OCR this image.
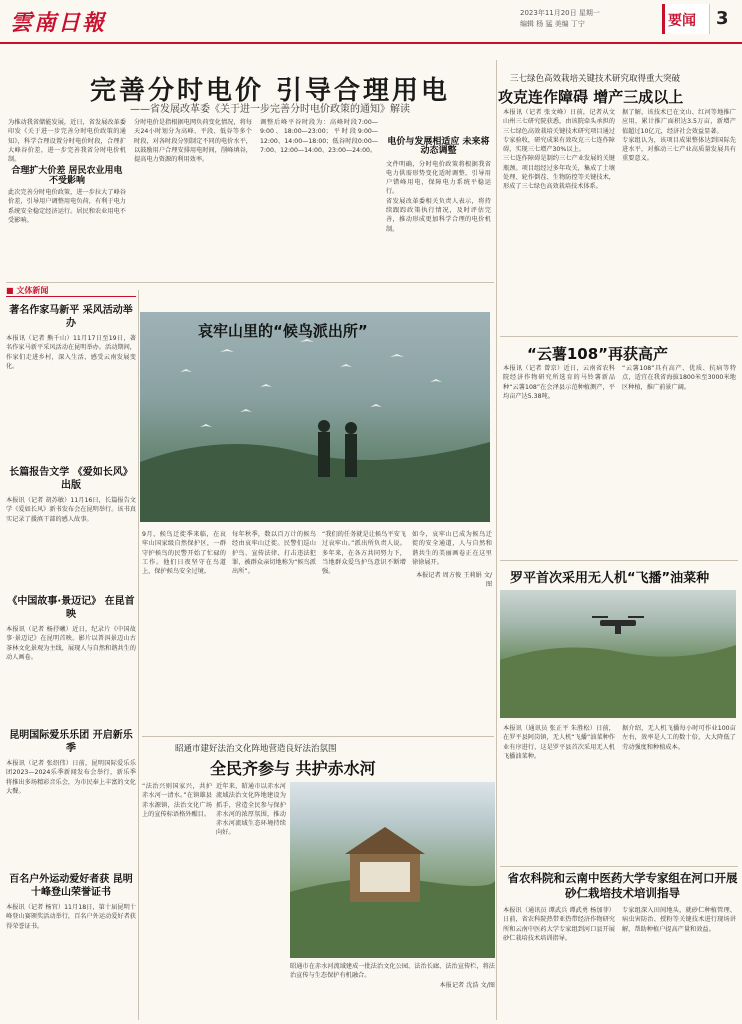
雲南日報	2023年11月20日 星期一
编辑 杨 猛 美编 丁宁	要闻 3
完善分时电价 引导合理用电
——省发展改革委《关于进一步完善分时电价政策的通知》解读

为推动我省储能发展，近日，省发展改革委印发《关于进一步完善分时电价政策的通知》，科学合理设置分时电价时段，合理扩大峰谷价差，进一步完善我省分时电价机制。

合理扩大价差 居民农业用电不受影响

此次完善分时电价政策，进一步拉大了峰谷价差，引导用户调整用电负荷，有利于电力系统安全稳定经济运行。居民和农业用电不受影响。

分时电价是指根据电网负荷变化情况，将每天24小时划分为高峰、平段、低谷等多个时段，对各时段分别制定不同的电价水平，以鼓励用户合理安排用电时间，削峰填谷，提高电力资源的利用效率。

调整后峰平谷时段为：高峰时段7:00—9:00、18:00—23:00；平时段9:00—12:00、14:00—18:00；低谷时段0:00—7:00、12:00—14:00、23:00—24:00。

电价与发展相适应 未来将动态调整

文件明确，分时电价政策将根据我省电力供需形势变化适时调整，引导用户错峰用电，保障电力系统平稳运行。

省发展改革委相关负责人表示，将持续跟踪政策执行情况，及时评估完善，推动形成更加科学合理的电价机制。

三七绿色高效栽培关键技术研究取得重大突破
攻克连作障碍 增产三成以上

本报讯（记者 张文峰）日前，记者从文山州三七研究院获悉，由该院牵头承担的三七绿色高效栽培关键技术研究项目通过专家验收，研究成果有效攻克三七连作障碍，实现三七增产30%以上。

三七连作障碍是制约三七产业发展的关键瓶颈。项目组经过多年攻关，集成了土壤处理、轮作倒茬、生物防控等关键技术，形成了三七绿色高效栽培技术体系。

据了解，该技术已在文山、红河等地推广应用，累计推广面积达3.5万亩，新增产值超过10亿元，经济社会效益显著。

专家组认为，该项目成果整体达到国际先进水平，对推动三七产业高质量发展具有重要意义。

■ 文体新闻
著名作家马新平 采风活动举办

本报讯（记者 熊千山）11月17日至19日，著名作家马新平采风活动在昆明举办。活动期间，作家们走进乡村，深入生活，感受云南发展变化。

长篇报告文学 《爱如长风》出版

本报讯（记者 胡苏敏）11月16日，长篇报告文学《爱如长风》新书发布会在昆明举行。该书真实记录了援滇干部的感人故事。

《中国故事·景迈记》 在昆首映

本报讯（记者 杨抒曦）近日，纪录片《中国故事·景迈记》在昆明首映。影片以普洱景迈山古茶林文化景观为主线，展现人与自然和谐共生的动人画卷。

昆明国际爱乐乐团 开启新乐季

本报讯（记者 张绍伟）日前，昆明国际爱乐乐团2023—2024乐季新闻发布会举行，新乐季将推出多场精彩音乐会，为市民奉上丰富的文化大餐。

百名户外运动爱好者获 昆明十峰登山荣誉证书

本报讯（记者 杨官）11月18日，第十届昆明十峰登山赛颁奖活动举行，百名户外运动爱好者获得荣誉证书。

哀牢山里的“候鸟派出所”

9月，候鸟迁徙季来临，在哀牢山国家级自然保护区，一群守护候鸟的民警开始了忙碌的工作。他们日夜坚守在鸟道上，保护候鸟安全过境。

每年秋季，数以百万计的候鸟经由哀牢山迁徙。民警们巡山护鸟、宣传法律、打击违法犯罪，被群众亲切地称为“候鸟派出所”。

“我们的任务就是让候鸟平安飞过哀牢山。”派出所负责人说。多年来，在各方共同努力下，当地群众爱鸟护鸟意识不断增强。

如今，哀牢山已成为候鸟迁徙的安全通道，人与自然和谐共生的美丽画卷正在这里徐徐展开。

本报记者 周方俊 王莉娟 文/图

“云薯108”再获高产

本报讯（记者 曾京）近日，云南省农科院经济作物研究所选育的马铃薯新品种“云薯108”在会泽县示范种植测产，平均亩产达5.38吨。

“云薯108”具有高产、优质、抗病等特点，适宜在我省海拔1800米至3000米地区种植，推广前景广阔。

罗平首次采用无人机“飞播”油菜种

本报讯（通讯员 张正平 朱胜松）日前，在罗平县阿岗镇，无人机“飞播”油菜种作业有序进行，这是罗平县首次采用无人机飞播油菜种。

据介绍，无人机飞播每小时可作业100亩左右，效率是人工的数十倍，大大降低了劳动强度和种植成本。

昭通市建好法治文化阵地营造良好法治氛围
全民齐参与 共护赤水河

“法治兴则国家兴，共护赤水河一清水。”在镇雄县赤水源镇，法治文化广场上的宣传标语格外醒目。

近年来，昭通市以赤水河流域法治文化阵地建设为抓手，营造全民参与保护赤水河的浓厚氛围，推动赤水河流域生态环境持续向好。

昭通市在赤水河流域建成一批法治文化公园、法治长廊、法治宣传栏，将法治宣传与生态保护有机融合。

本报记者 沈浩 文/图

省农科院和云南中医药大学专家组在河口开展砂仁栽培技术培训指导

本报讯（通讯员 谭武兵 谭武勇 杨加菲）日前，省农科院热带亚热带经济作物研究所和云南中医药大学专家组到河口县开展砂仁栽培技术培训指导。

专家组深入田间地头，就砂仁种植管理、病虫害防治、授粉等关键技术进行现场讲解，帮助种植户提高产量和效益。
